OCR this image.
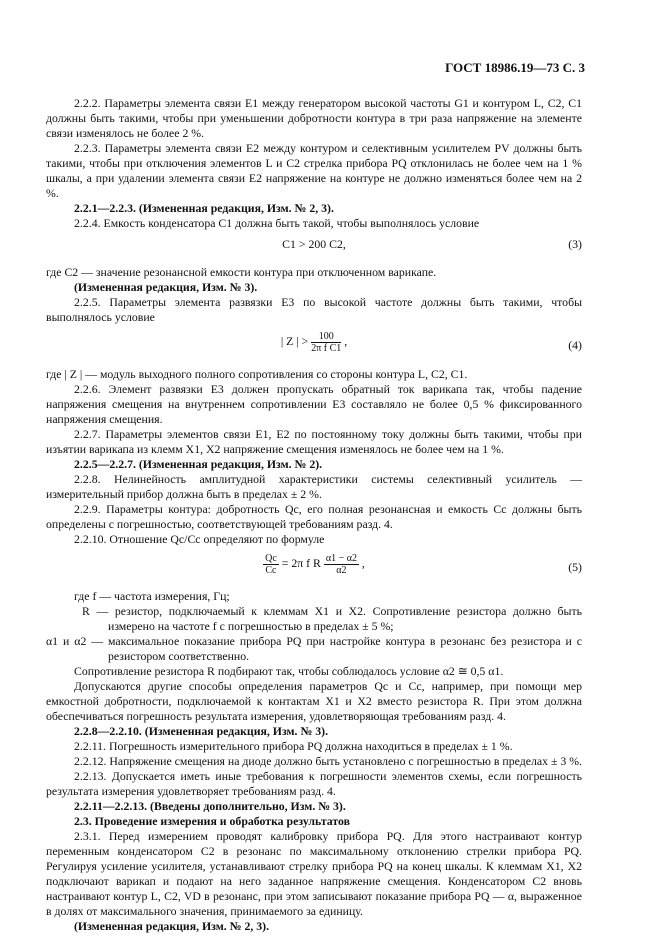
ГОСТ 18986.19—73 С. 3

2.2.2. Параметры элемента связи E1 между генератором высокой частоты G1 и контуром L, C2, C1 должны быть такими, чтобы при уменьшении добротности контура в три раза напряжение на элементе связи изменялось не более 2 %.

2.2.3. Параметры элемента связи E2 между контуром и селективным усилителем PV должны быть такими, чтобы при отключения элементов L и C2 стрелка прибора PQ отклонилась не более чем на 1 % шкалы, а при удалении элемента связи E2 напряжение на контуре не должно изменяться более чем на 2 %.

2.2.1—2.2.3. (Измененная редакция, Изм. № 2, 3).

2.2.4. Емкость конденсатора C1 должна быть такой, чтобы выполнялось условие

C1 > 200 C2,	(3)

где C2 — значение резонансной емкости контура при отключенном варикапе.

(Измененная редакция, Изм. № 3).

2.2.5. Параметры элемента развязки E3 по высокой частоте должны быть такими, чтобы выполнялось условие

| Z | > $\frac{100}{\text{2π f C1}}$ ,	(4)

где | Z | — модуль выходного полного сопротивления со стороны контура L, C2, C1.

2.2.6. Элемент развязки E3 должен пропускать обратный ток варикапа так, чтобы падение напряжения смещения на внутреннем сопротивлении E3 составляло не более 0,5 % фиксированного напряжения смещения.

2.2.7. Параметры элементов связи E1, E2 по постоянному току должны быть такими, чтобы при изъятии варикапа из клемм X1, X2 напряжение смещения изменялось не более чем на 1 %.

2.2.5—2.2.7. (Измененная редакция, Изм. № 2).

2.2.8. Нелинейность амплитудной характеристики системы селективный усилитель — измерительный прибор должна быть в пределах ± 2 %.

2.2.9. Параметры контура: добротность Qc, его полная резонансная и емкость Cc должны быть определены с погрешностью, соответствующей требованиям разд. 4.

2.2.10. Отношение Qc/Cc определяют по формуле

$\frac{Qc}{Cc} = 2\pi$ f R $\frac{\alpha 1 - \alpha 2}{\alpha 2}$ ,	(5)

где f — частота измерения, Гц;

R — резистор, подключаемый к клеммам X1 и X2. Сопротивление резистора должно быть измерено на частоте f с погрешностью в пределах ± 5 %;

α1 и α2 — максимальное показание прибора PQ при настройке контура в резонанс без резистора и с резистором соответственно.

Сопротивление резистора R подбирают так, чтобы соблюдалось условие α2 ≅ 0,5 α1.

Допускаются другие способы определения параметров Qc и Cc, например, при помощи мер емкостной добротности, подключаемой к контактам X1 и X2 вместо резистора R. При этом должна обеспечиваться погрешность результата измерения, удовлетворяющая требованиям разд. 4.

2.2.8—2.2.10. (Измененная редакция, Изм. № 3).

2.2.11. Погрешность измерительного прибора PQ должна находиться в пределах ± 1 %.

2.2.12. Напряжение смещения на диоде должно быть установлено с погрешностью в пределах ± 3 %.

2.2.13. Допускается иметь иные требования к погрешности элементов схемы, если погрешность результата измерения удовлетворяет требованиям разд. 4.

2.2.11—2.2.13. (Введены дополнительно, Изм. № 3).

2.3. Проведение измерения и обработка результатов

2.3.1. Перед измерением проводят калибровку прибора PQ. Для этого настраивают контур переменным конденсатором C2 в резонанс по максимальному отклонению стрелки прибора PQ. Регулируя усиление усилителя, устанавливают стрелку прибора PQ на конец шкалы. К клеммам X1, X2 подключают варикап и подают на него заданное напряжение смещения. Конденсатором C2 вновь настраивают контур L, C2, VD в резонанс, при этом записывают показание прибора PQ — α, выраженное в долях от максимального значения, принимаемого за единицу.

(Измененная редакция, Изм. № 2, 3).
